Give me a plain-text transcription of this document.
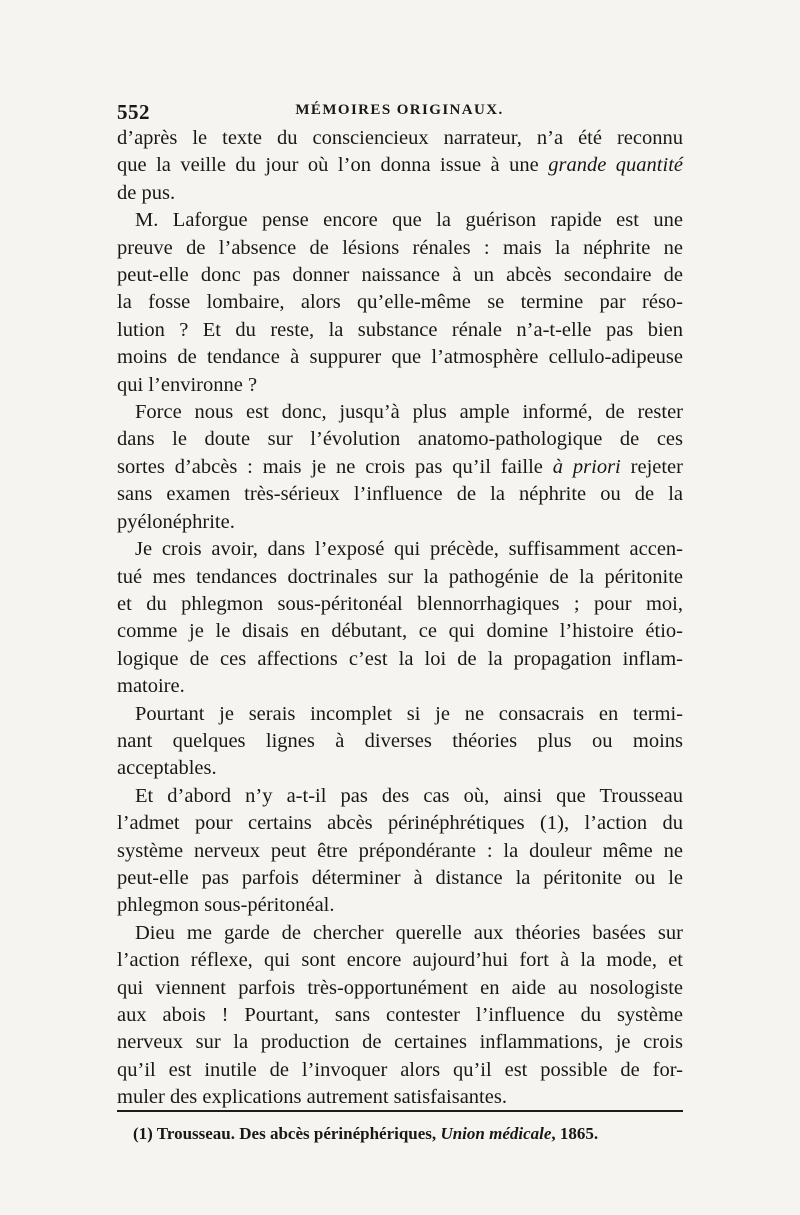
552	MÉMOIRES ORIGINAUX.

d’après le texte du consciencieux narrateur, n’a été reconnu
que la veille du jour où l’on donna issue à une grande quantité
de pus.

M. Laforgue pense encore que la guérison rapide est une
preuve de l’absence de lésions rénales : mais la néphrite ne
peut-elle donc pas donner naissance à un abcès secondaire de
la fosse lombaire, alors qu’elle-même se termine par réso-
lution ? Et du reste, la substance rénale n’a-t-elle pas bien
moins de tendance à suppurer que l’atmosphère cellulo-adipeuse
qui l’environne ?

Force nous est donc, jusqu’à plus ample informé, de rester
dans le doute sur l’évolution anatomo-pathologique de ces
sortes d’abcès : mais je ne crois pas qu’il faille à priori rejeter
sans examen très-sérieux l’influence de la néphrite ou de la
pyélonéphrite.

Je crois avoir, dans l’exposé qui précède, suffisamment accen-
tué mes tendances doctrinales sur la pathogénie de la péritonite
et du phlegmon sous-péritonéal blennorrhagiques ; pour moi,
comme je le disais en débutant, ce qui domine l’histoire étio-
logique de ces affections c’est la loi de la propagation inflam-
matoire.

Pourtant je serais incomplet si je ne consacrais en termi-
nant quelques lignes à diverses théories plus ou moins
acceptables.

Et d’abord n’y a-t-il pas des cas où, ainsi que Trousseau
l’admet pour certains abcès périnéphrétiques (1), l’action du
système nerveux peut être prépondérante : la douleur même ne
peut-elle pas parfois déterminer à distance la péritonite ou le
phlegmon sous-péritonéal.

Dieu me garde de chercher querelle aux théories basées sur
l’action réflexe, qui sont encore aujourd’hui fort à la mode, et
qui viennent parfois très-opportunément en aide au nosologiste
aux abois ! Pourtant, sans contester l’influence du système
nerveux sur la production de certaines inflammations, je crois
qu’il est inutile de l’invoquer alors qu’il est possible de for-
muler des explications autrement satisfaisantes.

(1) Trousseau. Des abcès périnéphériques, Union médicale, 1865.
